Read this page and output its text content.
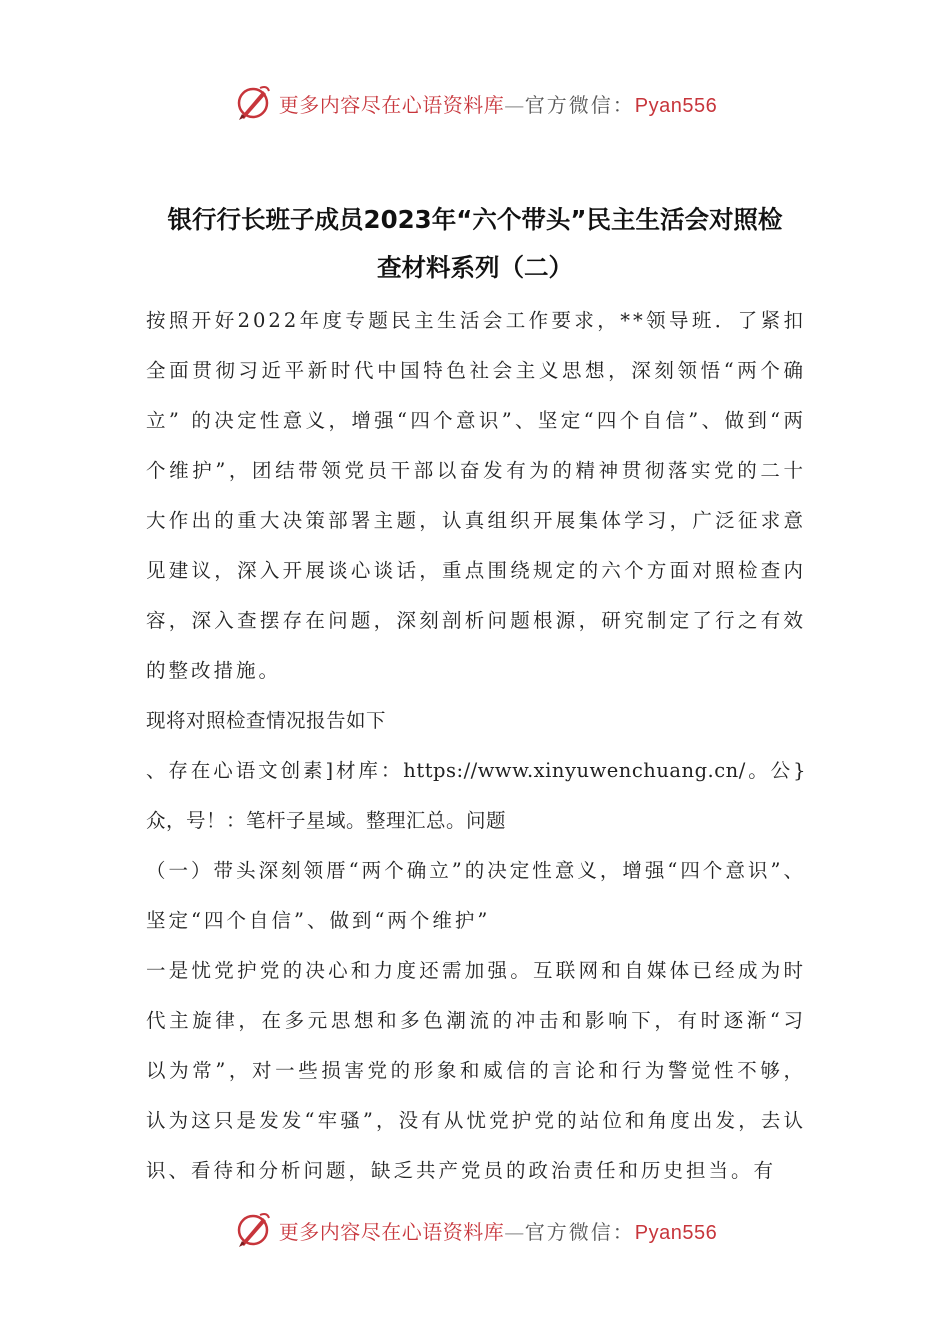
更多内容尽在心语资料库—官方微信：Pyan556
银行行长班子成员2023年“六个带头”民主生活会对照检
查材料系列（二）

按照开好2022年度专题民主生活会工作要求，**领导班．了紧扣全面贯彻习近平新时代中国特色社会主义思想，深刻领悟“两个确立” 的决定性意义，增强“四个意识”、坚定“四个自信”、做到“两个维护”，团结带领党员干部以奋发有为的精神贯彻落实党的二十大作出的重大决策部署主题，认真组织开展集体学习，广泛征求意见建议，深入开展谈心谈话，重点围绕规定的六个方面对照检查内容，深入查摆存在问题，深刻剖析问题根源，研究制定了行之有效的整改措施。

现将对照检查情况报告如下

、存在心语文创素]材库：https://www.xinyuwenchuang.cn/。公}众，号！：笔杆子星域。整理汇总。问题

（一）带头深刻领厝“两个确立”的决定性意义，增强“四个意识”、坚定“四个自信”、做到“两个维护”

一是忧党护党的决心和力度还需加强。互联网和自媒体已经成为时代主旋律，在多元思想和多色潮流的冲击和影响下，有时逐渐“习以为常”，对一些损害党的形象和威信的言论和行为警觉性不够，认为这只是发发“牢骚”，没有从忧党护党的站位和角度出发，去认识、看待和分析问题，缺乏共产党员的政治责任和历史担当。有

更多内容尽在心语资料库—官方微信：Pyan556
